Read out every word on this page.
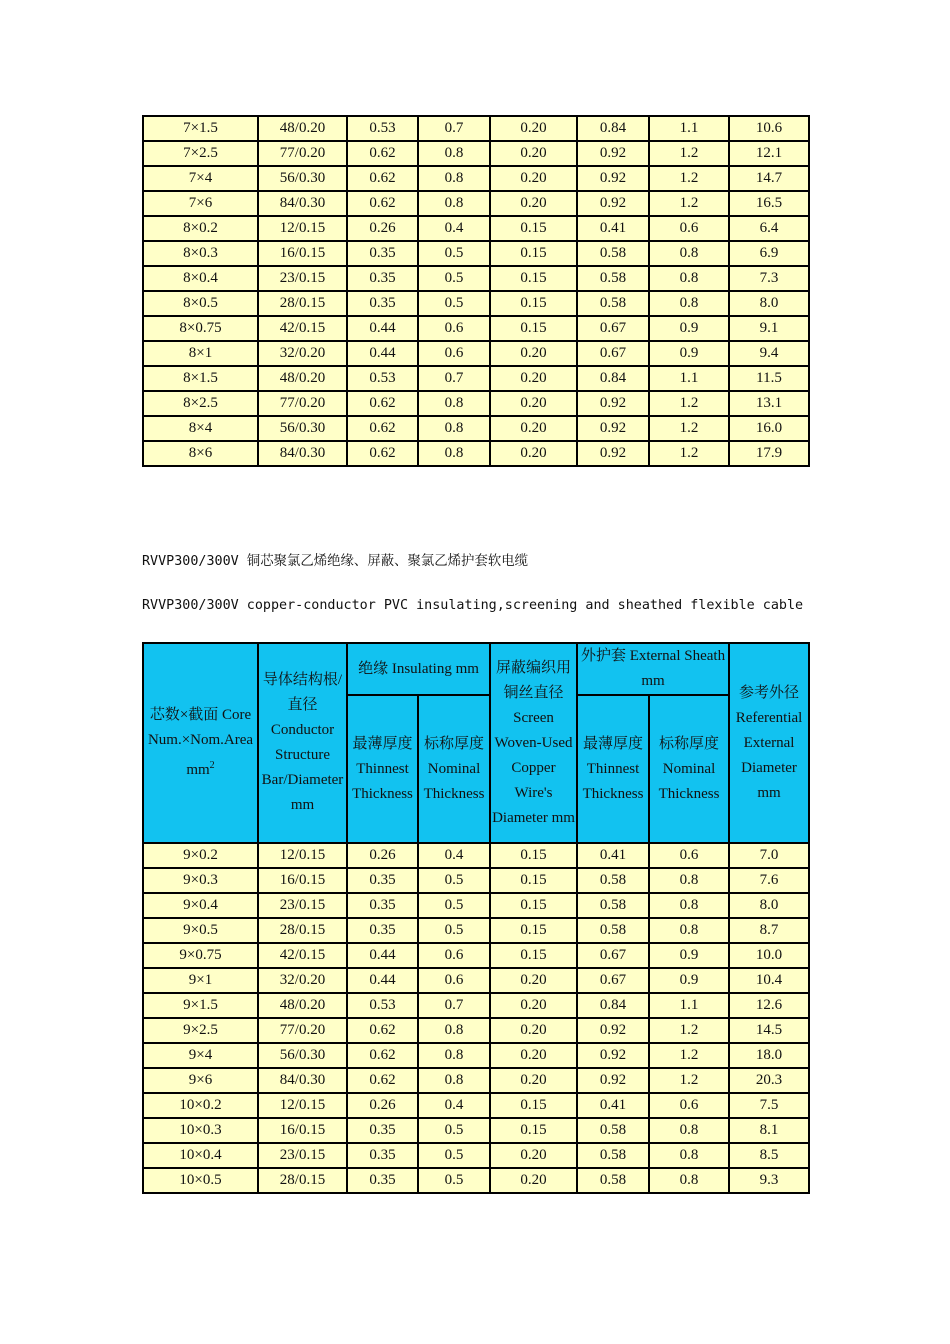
7×1.5	48/0.20	0.53	0.7	0.20	0.84	1.1	10.6
7×2.5	77/0.20	0.62	0.8	0.20	0.92	1.2	12.1
7×4	56/0.30	0.62	0.8	0.20	0.92	1.2	14.7
7×6	84/0.30	0.62	0.8	0.20	0.92	1.2	16.5
8×0.2	12/0.15	0.26	0.4	0.15	0.41	0.6	6.4
8×0.3	16/0.15	0.35	0.5	0.15	0.58	0.8	6.9
8×0.4	23/0.15	0.35	0.5	0.15	0.58	0.8	7.3
8×0.5	28/0.15	0.35	0.5	0.15	0.58	0.8	8.0
8×0.75	42/0.15	0.44	0.6	0.15	0.67	0.9	9.1
8×1	32/0.20	0.44	0.6	0.20	0.67	0.9	9.4
8×1.5	48/0.20	0.53	0.7	0.20	0.84	1.1	11.5
8×2.5	77/0.20	0.62	0.8	0.20	0.92	1.2	13.1
8×4	56/0.30	0.62	0.8	0.20	0.92	1.2	16.0
8×6	84/0.30	0.62	0.8	0.20	0.92	1.2	17.9
RVVP300/300V 铜芯聚氯乙烯绝缘、屏蔽、聚氯乙烯护套软电缆
RVVP300/300V copper-conductor PVC insulating,screening and sheathed flexible cable
芯数×截面 Core Num.×Nom.Area $mm^2$	导体结构根/直径 Conductor Structure Bar/Diameter mm	绝缘 Insulating mm		屏蔽编织用铜丝直径 Screen Woven-Used Copper Wire's Diameter mm	外护套 External Sheath mm		参考外径 Referential External Diameter mm
		最薄厚度 Thinnest Thickness	标称厚度 Nominal Thickness		最薄厚度 Thinnest Thickness	标称厚度 Nominal Thickness	
9×0.2	12/0.15	0.26	0.4	0.15	0.41	0.6	7.0
9×0.3	16/0.15	0.35	0.5	0.15	0.58	0.8	7.6
9×0.4	23/0.15	0.35	0.5	0.15	0.58	0.8	8.0
9×0.5	28/0.15	0.35	0.5	0.15	0.58	0.8	8.7
9×0.75	42/0.15	0.44	0.6	0.15	0.67	0.9	10.0
9×1	32/0.20	0.44	0.6	0.20	0.67	0.9	10.4
9×1.5	48/0.20	0.53	0.7	0.20	0.84	1.1	12.6
9×2.5	77/0.20	0.62	0.8	0.20	0.92	1.2	14.5
9×4	56/0.30	0.62	0.8	0.20	0.92	1.2	18.0
9×6	84/0.30	0.62	0.8	0.20	0.92	1.2	20.3
10×0.2	12/0.15	0.26	0.4	0.15	0.41	0.6	7.5
10×0.3	16/0.15	0.35	0.5	0.15	0.58	0.8	8.1
10×0.4	23/0.15	0.35	0.5	0.20	0.58	0.8	8.5
10×0.5	28/0.15	0.35	0.5	0.20	0.58	0.8	9.3
